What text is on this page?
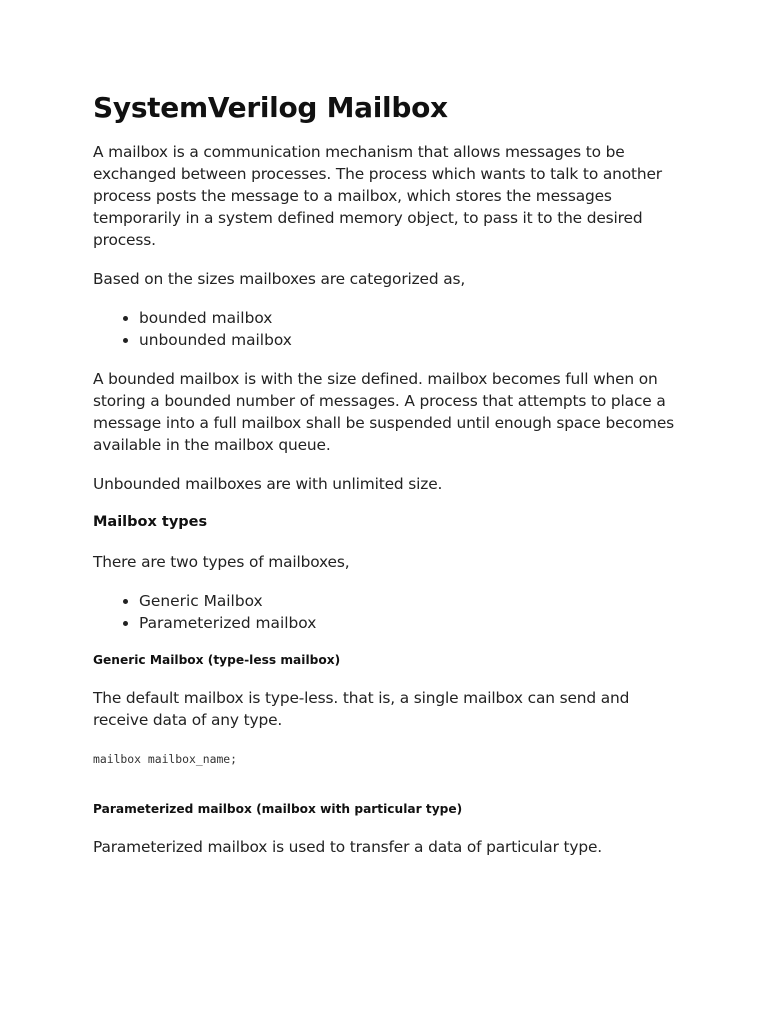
SystemVerilog Mailbox

A mailbox is a communication mechanism that allows messages to be exchanged between processes. The process which wants to talk to another process posts the message to a mailbox, which stores the messages temporarily in a system defined memory object, to pass it to the desired process.

Based on the sizes mailboxes are categorized as,

• bounded mailbox
• unbounded mailbox

A bounded mailbox is with the size defined. mailbox becomes full when on storing a bounded number of messages. A process that attempts to place a message into a full mailbox shall be suspended until enough space becomes available in the mailbox queue.

Unbounded mailboxes are with unlimited size.

Mailbox types

There are two types of mailboxes,

• Generic Mailbox
• Parameterized mailbox
Generic Mailbox (type-less mailbox)

The default mailbox is type-less. that is, a single mailbox can send and receive data of any type.

mailbox mailbox_name;
Parameterized mailbox (mailbox with particular type)

Parameterized mailbox is used to transfer a data of particular type.
